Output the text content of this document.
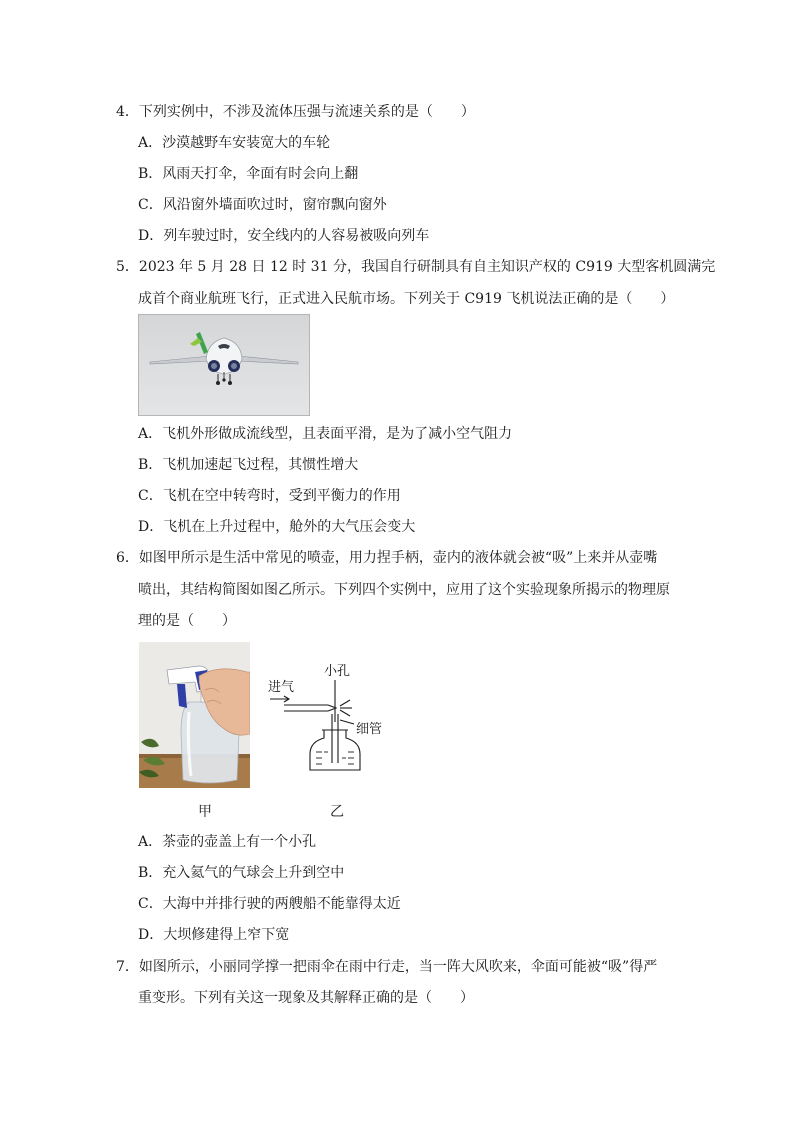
4．下列实例中，不涉及流体压强与流速关系的是（　　）
A．沙漠越野车安装宽大的车轮
B．风雨天打伞，伞面有时会向上翻
C．风沿窗外墙面吹过时，窗帘飘向窗外
D．列车驶过时，安全线内的人容易被吸向列车
5．2023 年 5 月 28 日 12 时 31 分，我国自行研制具有自主知识产权的 C919 大型客机圆满完
成首个商业航班飞行，正式进入民航市场。下列关于 C919 飞机说法正确的是（　　）
A．飞机外形做成流线型，且表面平滑，是为了减小空气阻力
B．飞机加速起飞过程，其惯性增大
C．飞机在空中转弯时，受到平衡力的作用
D．飞机在上升过程中，舱外的大气压会变大
6．如图甲所示是生活中常见的喷壶，用力捏手柄，壶内的液体就会被“吸”上来并从壶嘴
喷出，其结构简图如图乙所示。下列四个实例中，应用了这个实验现象所揭示的物理原
理的是（　　）
进气
小孔
细管
甲	乙
A．茶壶的壶盖上有一个小孔
B．充入氦气的气球会上升到空中
C．大海中并排行驶的两艘船不能靠得太近
D．大坝修建得上窄下宽
7．如图所示，小丽同学撑一把雨伞在雨中行走，当一阵大风吹来，伞面可能被“吸”得严
重变形。下列有关这一现象及其解释正确的是（　　）
